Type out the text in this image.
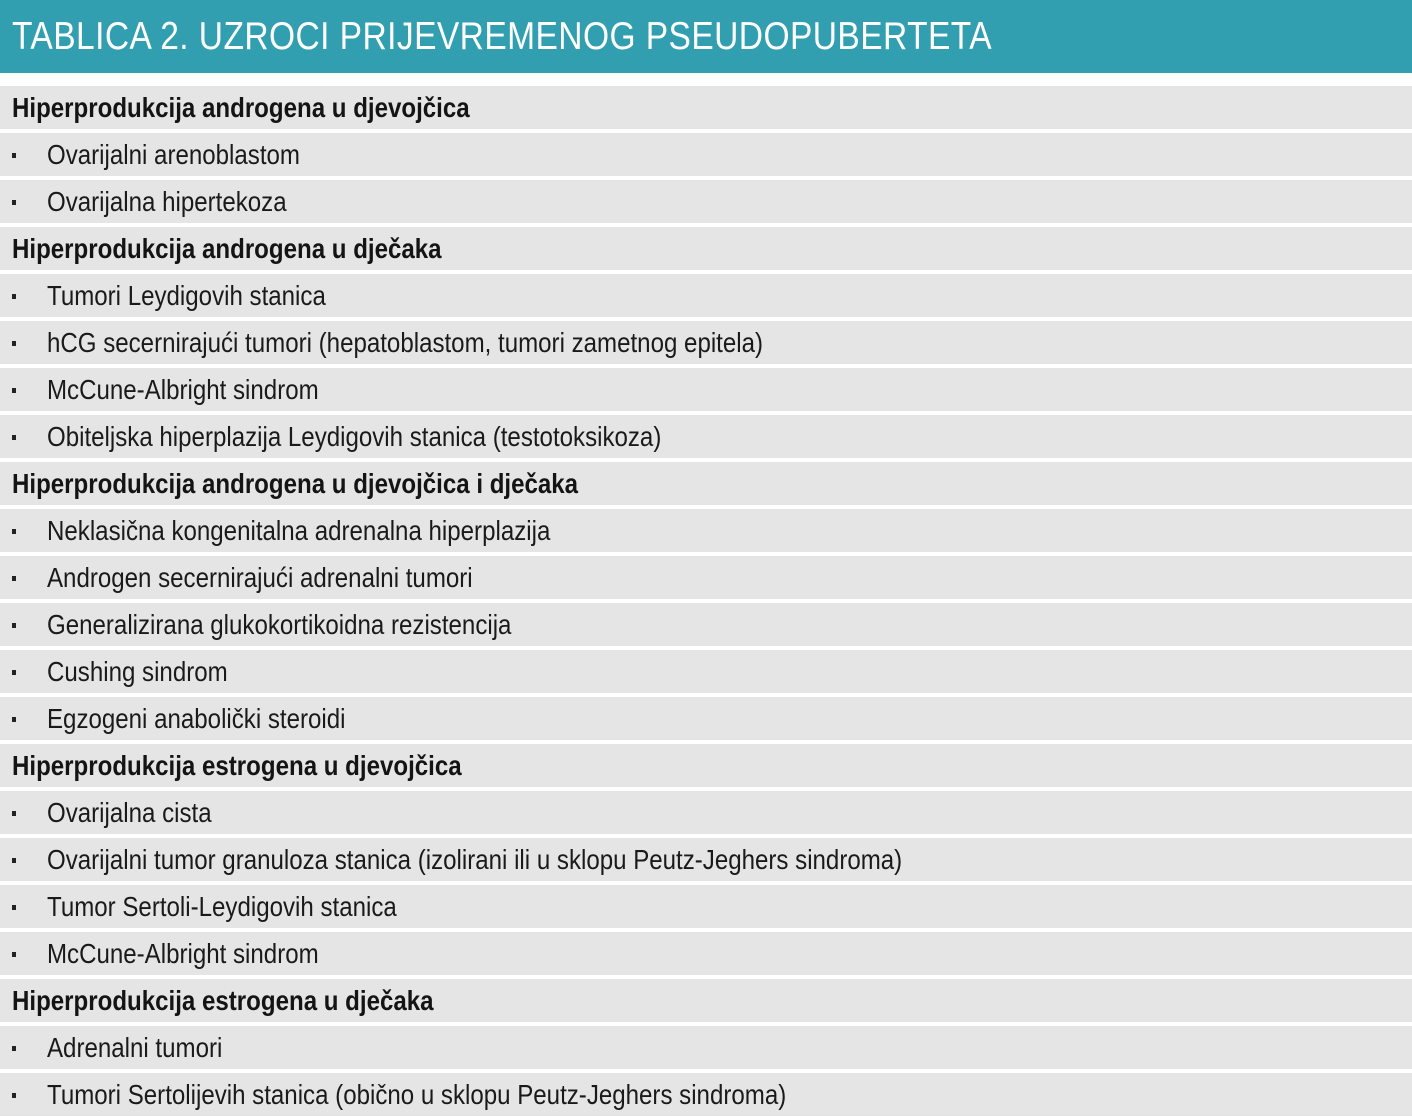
TABLICA 2. UZROCI PRIJEVREMENOG PSEUDOPUBERTETA
Hiperprodukcija androgena u djevojčica
Ovarijalni arenoblastom
Ovarijalna hipertekoza
Hiperprodukcija androgena u dječaka
Tumori Leydigovih stanica
hCG secernirajući tumori (hepatoblastom, tumori zametnog epitela)
McCune-Albright sindrom
Obiteljska hiperplazija Leydigovih stanica (testotoksikoza)
Hiperprodukcija androgena u djevojčica i dječaka
Neklasična kongenitalna adrenalna hiperplazija
Androgen secernirajući adrenalni tumori
Generalizirana glukokortikoidna rezistencija
Cushing sindrom
Egzogeni anabolički steroidi
Hiperprodukcija estrogena u djevojčica
Ovarijalna cista
Ovarijalni tumor granuloza stanica (izolirani ili u sklopu Peutz-Jeghers sindroma)
Tumor Sertoli-Leydigovih stanica
McCune-Albright sindrom
Hiperprodukcija estrogena u dječaka
Adrenalni tumori
Tumori Sertolijevih stanica (obično u sklopu Peutz-Jeghers sindroma)
